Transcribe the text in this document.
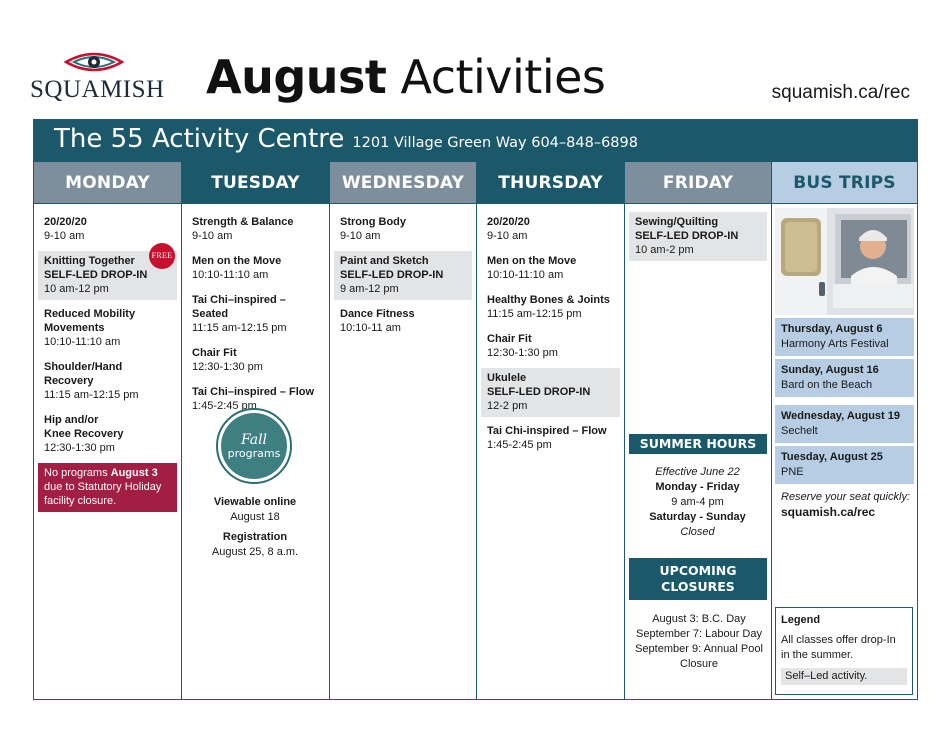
SQUAMISH August Activities	squamish.ca/rec
The 55 Activity Centre 1201 Village Green Way 604–848–6898
MONDAY
20/20/20
9-10 am
Knitting Together
SELF-LED DROP-IN
10 am-12 pm
FREE
Reduced Mobility Movements
10:10-11:10 am
Shoulder/Hand Recovery
11:15 am-12:15 pm
Hip and/or Knee Recovery
12:30-1:30 pm
No programs August 3 due to Statutory Holiday facility closure.
TUESDAY
Strength & Balance
9-10 am
Men on the Move
10:10-11:10 am
Tai Chi–inspired – Seated
11:15 am-12:15 pm
Chair Fit
12:30-1:30 pm
Tai Chi–inspired – Flow
1:45-2:45 pm
Fall
programs
Viewable online
August 18
Registration
August 25, 8 a.m.
WEDNESDAY
Strong Body
9-10 am
Paint and Sketch
SELF-LED DROP-IN
9 am-12 pm
Dance Fitness
10:10-11 am
THURSDAY
20/20/20
9-10 am
Men on the Move
10:10-11:10 am
Healthy Bones & Joints
11:15 am-12:15 pm
Chair Fit
12:30-1:30 pm
Ukulele
SELF-LED DROP-IN
12-2 pm
Tai Chi-inspired – Flow
1:45-2:45 pm
FRIDAY
Sewing/Quilting
SELF-LED DROP-IN
10 am-2 pm
SUMMER HOURS
Effective June 22
Monday - Friday
9 am-4 pm
Saturday - Sunday
Closed
UPCOMING
CLOSURES
August 3: B.C. Day
September 7: Labour Day
September 9: Annual Pool Closure
BUS TRIPS
Thursday, August 6
Harmony Arts Festival
Sunday, August 16
Bard on the Beach
Wednesday, August 19
Sechelt
Tuesday, August 25
PNE
Reserve your seat quickly:
squamish.ca/rec
Legend
All classes offer drop-In in the summer.
Self–Led activity.
